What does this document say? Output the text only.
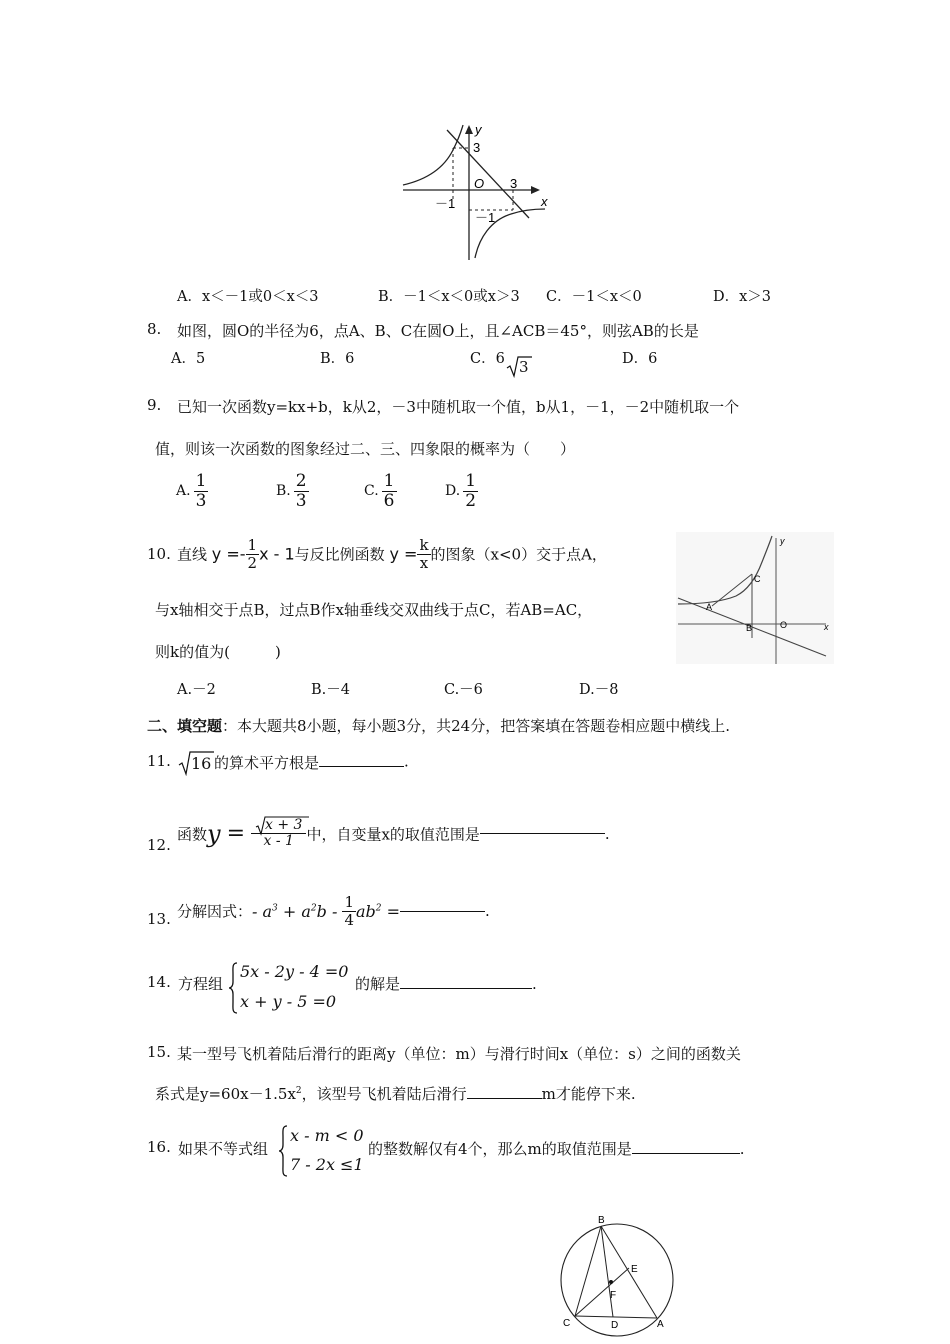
y
x
O
3
3
－1
－1
A．x＜－1或0＜x＜3	B．－1＜x＜0或x＞3 C．－1＜x＜0	D．x＞3
8. 如图，圆O的半径为6，点A、B、C在圆O上，且∠ACB＝45°，则弦AB的长是
A．5	B．6	C．6 3	D．6
9. 已知一次函数y=kx+b，k从2，－3中随机取一个值，b从1，－1，－2中随机取一个
值，则该一次函数的图象经过二、三、四象限的概率为（　　）
A. $\frac{1}{3}$	B. $\frac{2}{3}$	C. $\frac{1}{6}$	D. $\frac{1}{2}$
10. 直线 $y =- \frac{1}{2}$ x - 1与反比例函数 $y = \frac{k}{x}$ 的图象（x<0）交于点A，
与x轴相交于点B，过点B作x轴垂线交双曲线于点C，若AB=AC，
则k的值为(　　　)
A.－2	B.－4	C.－6	D.－8
A
B
C
O	x
y
二、填空题：本大题共8小题，每小题3分，共24分，把答案填在答题卷相应题中横线上.
11. 16 的算术平方根是	.
12.
函数$y = \frac{x + 3}{x - 1}$ 中，自变量x的取值范围是	.
13. 分解因式：- $a^3 + a^2b - \frac{1}{4} ab^2$ =	.
14. 方程组
5x - 2y - 4 =0
x + y - 5 =0
的解是	.
15. 某一型号飞机着陆后滑行的距离y（单位：m）与滑行时间x（单位：s）之间的函数关
系式是$y=60x-1.5x^2$，该型号飞机着陆后滑行	m才能停下来.
16. 如果不等式组
x - m < 0
7 - 2x ≤1
的整数解仅有4个，那么m的取值范围是	.
B
E
F
C	D	A
